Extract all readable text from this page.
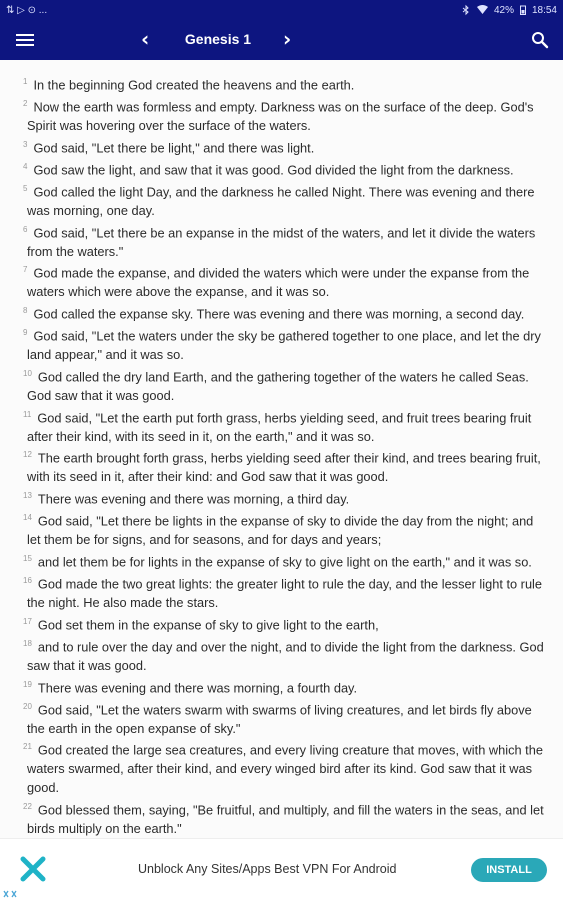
⇅ ▷ ⊙ ...	42% 18:54
‹	Genesis 1	›

$^1$ In the beginning God created the heavens and the earth.

$^2$ Now the earth was formless and empty. Darkness was on the surface of the deep. God's Spirit was hovering over the surface of the waters.

$^3$ God said, "Let there be light," and there was light.

$^4$ God saw the light, and saw that it was good. God divided the light from the darkness.

$^5$ God called the light Day, and the darkness he called Night. There was evening and there was morning, one day.

$^6$ God said, "Let there be an expanse in the midst of the waters, and let it divide the waters from the waters."

$^7$ God made the expanse, and divided the waters which were under the expanse from the waters which were above the expanse, and it was so.

$^8$ God called the expanse sky. There was evening and there was morning, a second day.

$^9$ God said, "Let the waters under the sky be gathered together to one place, and let the dry land appear," and it was so.

$^{10}$ God called the dry land Earth, and the gathering together of the waters he called Seas. God saw that it was good.

$^{11}$ God said, "Let the earth put forth grass, herbs yielding seed, and fruit trees bearing fruit after their kind, with its seed in it, on the earth," and it was so.

$^{12}$ The earth brought forth grass, herbs yielding seed after their kind, and trees bearing fruit, with its seed in it, after their kind: and God saw that it was good.

$^{13}$ There was evening and there was morning, a third day.

$^{14}$ God said, "Let there be lights in the expanse of sky to divide the day from the night; and let them be for signs, and for seasons, and for days and years;

$^{15}$ and let them be for lights in the expanse of sky to give light on the earth," and it was so.

$^{16}$ God made the two great lights: the greater light to rule the day, and the lesser light to rule the night. He also made the stars.

$^{17}$ God set them in the expanse of sky to give light to the earth,

$^{18}$ and to rule over the day and over the night, and to divide the light from the darkness. God saw that it was good.

$^{19}$ There was evening and there was morning, a fourth day.

$^{20}$ God said, "Let the waters swarm with swarms of living creatures, and let birds fly above the earth in the open expanse of sky."

$^{21}$ God created the large sea creatures, and every living creature that moves, with which the waters swarmed, after their kind, and every winged bird after its kind. God saw that it was good.

$^{22}$ God blessed them, saying, "Be fruitful, and multiply, and fill the waters in the seas, and let birds multiply on the earth."

Unblock Any Sites/Apps Best VPN For Android	INSTALL
